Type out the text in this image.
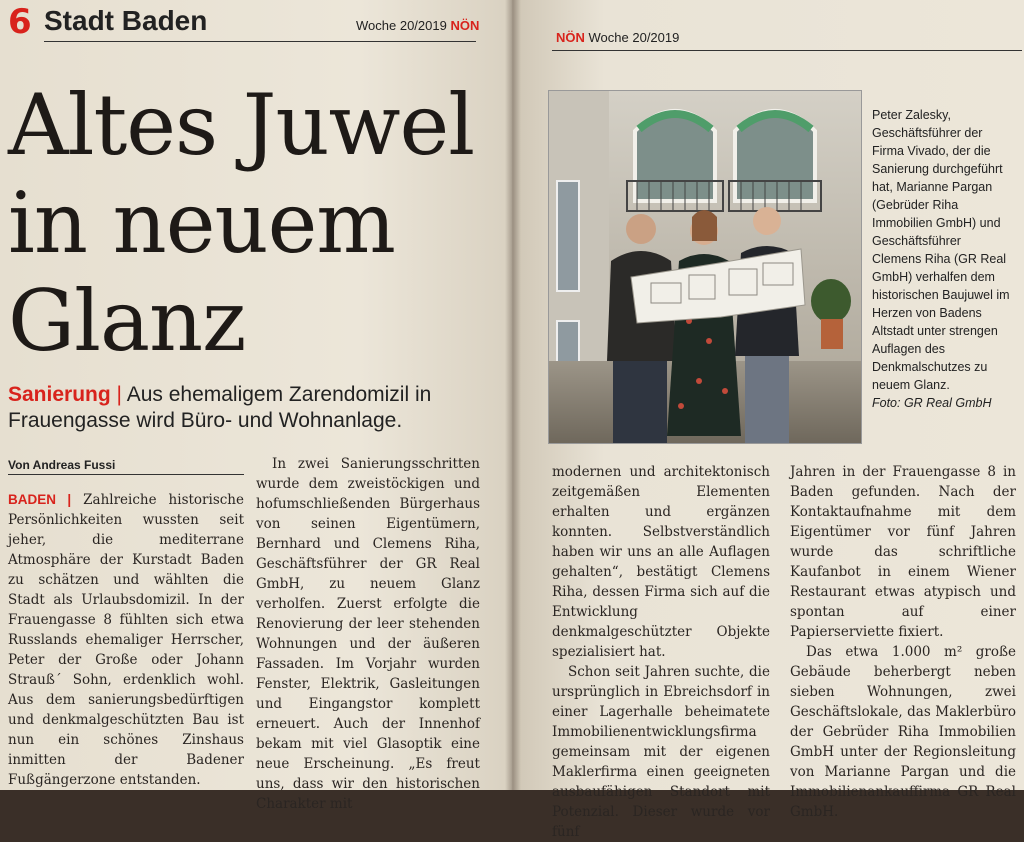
6 Stadt Baden	Woche 20/2019 NÖN
Altes Juwel
in neuem
Glanz
Sanierung | Aus ehemaligem Zarendomizil in Frauengasse wird Büro- und Wohnanlage.
Von Andreas Fussi

BADEN | Zahlreiche historische Persönlichkeiten wussten seit jeher, die mediterrane Atmosphäre der Kurstadt Baden zu schätzen und wählten die Stadt als Urlaubsdomizil. In der Frauengasse 8 fühlten sich etwa Russlands ehemaliger Herrscher, Peter der Große oder Johann Strauß´ Sohn, erdenklich wohl. Aus dem sanierungsbedürftigen und denkmalgeschützten Bau ist nun ein schönes Zinshaus inmitten der Badener Fußgängerzone entstanden.

In zwei Sanierungsschritten wurde dem zweistöckigen und hofumschließenden Bürgerhaus von seinen Eigentümern, Bernhard und Clemens Riha, Geschäftsführer der GR Real GmbH, zu neuem Glanz verholfen. Zuerst erfolgte die Renovierung der leer stehenden Wohnungen und der äußeren Fassaden. Im Vorjahr wurden Fenster, Elektrik, Gasleitungen und Eingangstor komplett erneuert. Auch der Innenhof bekam mit viel Glasoptik eine neue Erscheinung. „Es freut uns, dass wir den historischen Charakter mit

NÖN Woche 20/2019
Peter Zalesky, Geschäftsführer der Firma Vivado, der die Sanierung durchgeführt hat, Marianne Pargan (Gebrüder Riha Immobilien GmbH) und Geschäftsführer Clemens Riha (GR Real GmbH) verhalfen dem historischen Baujuwel im Herzen von Badens Altstadt unter strengen Auflagen des Denkmalschutzes zu neuem Glanz.
Foto: GR Real GmbH

modernen und architektonisch zeitgemäßen Elementen erhalten und ergänzen konnten. Selbstverständlich haben wir uns an alle Auflagen gehalten“, bestätigt Clemens Riha, dessen Firma sich auf die Entwicklung denkmalgeschützter Objekte spezialisiert hat.

Schon seit Jahren suchte, die ursprünglich in Ebreichsdorf in einer Lagerhalle beheimatete Immobilienentwicklungsfirma gemeinsam mit der eigenen Maklerfirma einen geeigneten ausbaufähigen Standort mit Potenzial. Dieser wurde vor fünf

Jahren in der Frauengasse 8 in Baden gefunden. Nach der Kontaktaufnahme mit dem Eigentümer vor fünf Jahren wurde das schriftliche Kaufanbot in einem Wiener Restaurant etwas atypisch und spontan auf einer Papierserviette fixiert.

Das etwa 1.000 m² große Gebäude beherbergt neben sieben Wohnungen, zwei Geschäftslokale, das Maklerbüro der Gebrüder Riha Immobilien GmbH unter der Regionsleitung von Marianne Pargan und die Immobilienankauffirma GR Real GmbH.
